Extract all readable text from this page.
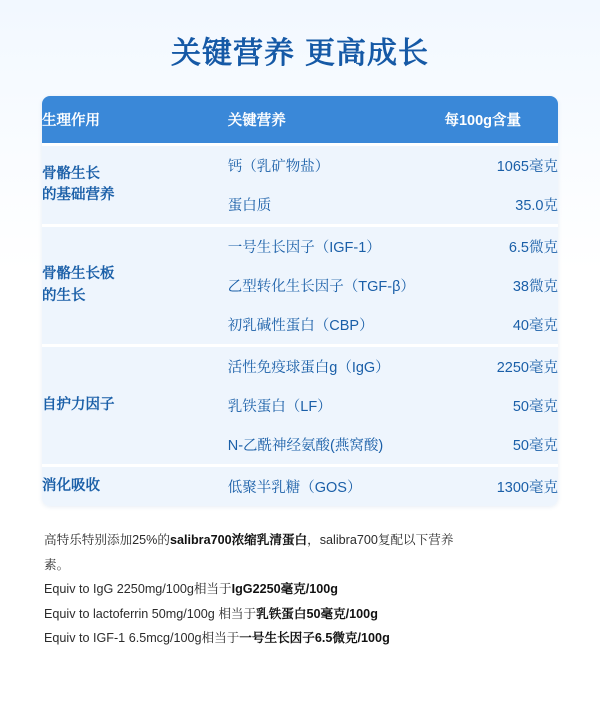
关键营养 更高成长
生理作用	关键营养	每100g含量

骨骼生长
的基础营养	钙（乳矿物盐）	1065毫克
	蛋白质	35.0克

骨骼生长板
的生长	一号生长因子（IGF-1）	6.5微克
	乙型转化生长因子（TGF-β）	38微克
	初乳碱性蛋白（CBP）	40毫克

自护力因子	活性免疫球蛋白g（IgG）	2250毫克
	乳铁蛋白（LF）	50毫克
	N-乙酰神经氨酸(燕窝酸)	50毫克

消化吸收	低聚半乳糖（GOS）	1300毫克
高特乐特别添加25%的salibra700浓缩乳清蛋白，salibra700复配以下营养
素。
Equiv to IgG 2250mg/100g相当于IgG2250毫克/100g
Equiv to lactoferrin 50mg/100g 相当于乳铁蛋白50毫克/100g
Equiv to IGF-1 6.5mcg/100g相当于一号生长因子6.5微克/100g
